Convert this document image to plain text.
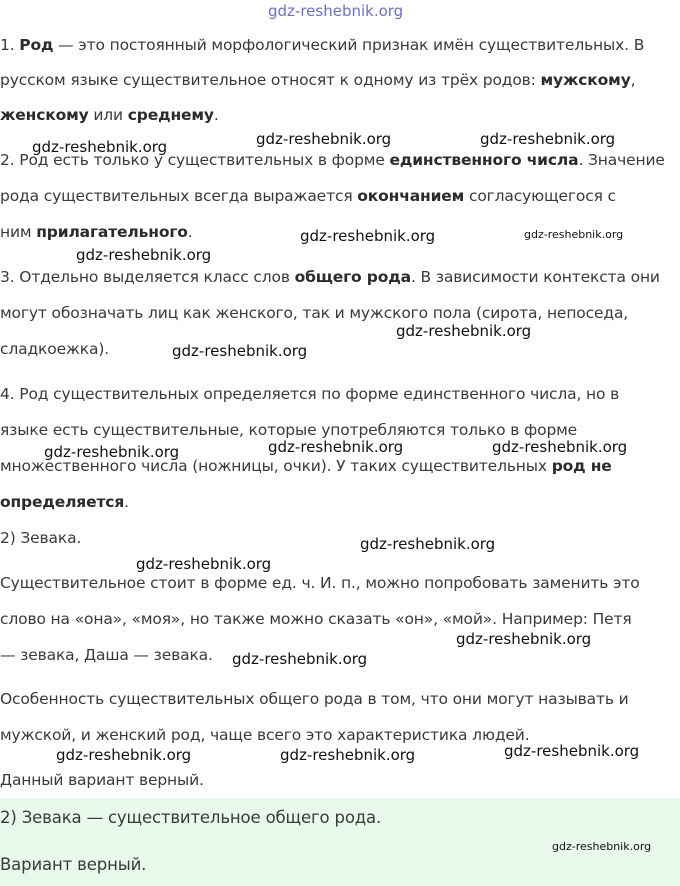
gdz-reshebnik.org
1. Род — это постоянный морфологический признак имён существительных. В
русском языке существительное относят к одному из трёх родов: мужскому,
женскому или среднему.
2. Род есть только у существительных в форме единственного числа. Значение
рода существительных всегда выражается окончанием согласующегося с
ним прилагательного.
3. Отдельно выделяется класс слов общего рода. В зависимости контекста они
могут обозначать лиц как женского, так и мужского пола (сирота, непоседа,
сладкоежка).
4. Род существительных определяется по форме единственного числа, но в
языке есть существительные, которые употребляются только в форме
множественного числа (ножницы, очки). У таких существительных род не
определяется.
2) Зевака.
Существительное стоит в форме ед. ч. И. п., можно попробовать заменить это
слово на «она», «моя», но также можно сказать «он», «мой». Например: Петя
— зевака, Даша — зевака.
Особенность существительных общего рода в том, что они могут называть и
мужской, и женский род, чаще всего это характеристика людей.
Данный вариант верный.
2) Зевака — существительное общего рода.
Вариант верный.
gdz-reshebnik.org	gdz-reshebnik.org	gdz-reshebnik.org
gdz-reshebnik.org	gdz-reshebnik.org
gdz-reshebnik.org
gdz-reshebnik.org
gdz-reshebnik.org
gdz-reshebnik.org	gdz-reshebnik.org	gdz-reshebnik.org
gdz-reshebnik.org
gdz-reshebnik.org
gdz-reshebnik.org
gdz-reshebnik.org
gdz-reshebnik.org
gdz-reshebnik.org	gdz-reshebnik.org
gdz-reshebnik.org
